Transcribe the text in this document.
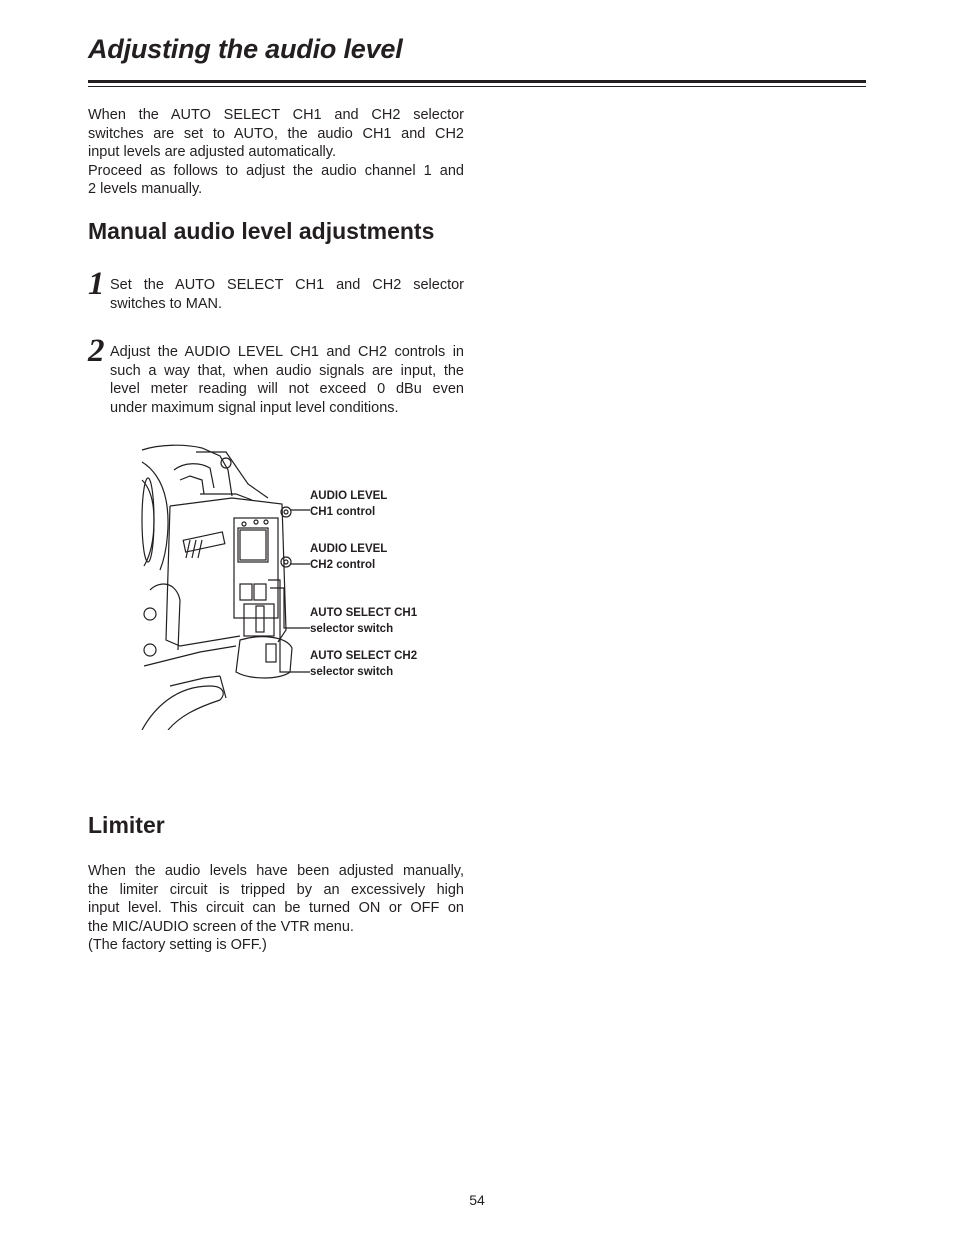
Adjusting the audio level

When the AUTO SELECT CH1 and CH2 selector
switches are set to AUTO, the audio CH1 and CH2
input levels are adjusted automatically.
Proceed as follows to adjust the audio channel 1 and
2 levels manually.

Manual audio level adjustments
1 Set the AUTO SELECT CH1 and CH2 selector
switches to MAN.

2 Adjust the AUDIO LEVEL CH1 and CH2 controls in
such a way that, when audio signals are input, the
level meter reading will not exceed 0 dBu even
under maximum signal input level conditions.

AUDIO LEVEL
CH1 control
AUDIO LEVEL
CH2 control
AUTO SELECT CH1
selector switch
AUTO SELECT CH2
selector switch
Limiter

When the audio levels have been adjusted manually,
the limiter circuit is tripped by an excessively high
input level. This circuit can be turned ON or OFF on
the MIC/AUDIO screen of the VTR menu.
(The factory setting is OFF.)

54
